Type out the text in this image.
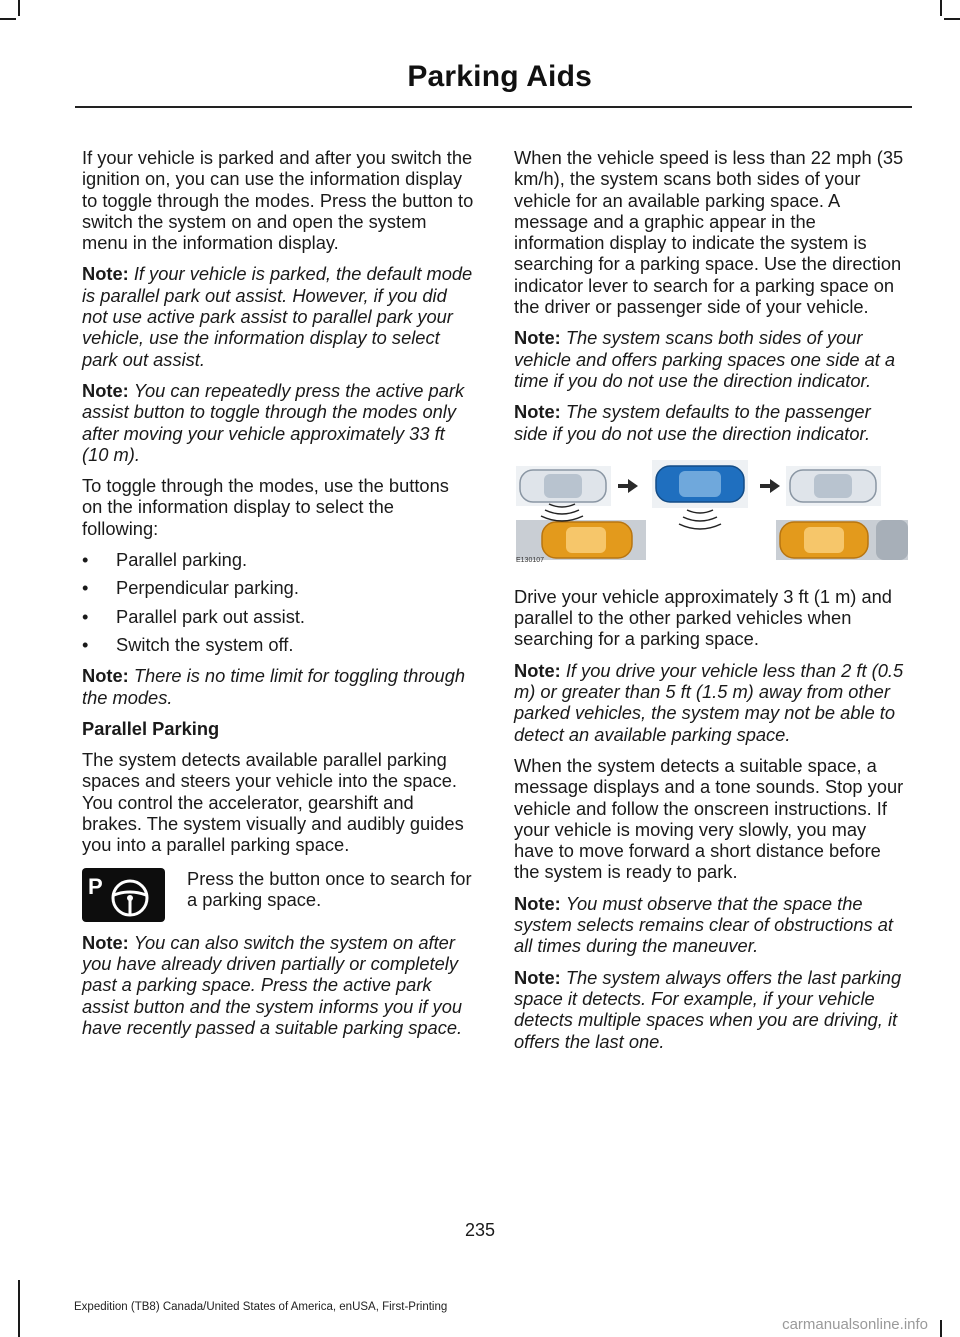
Parking Aids

If your vehicle is parked and after you switch the ignition on, you can use the information display to toggle through the modes. Press the button to switch the system on and open the system menu in the information display.

Note: If your vehicle is parked, the default mode is parallel park out assist. However, if you did not use active park assist to parallel park your vehicle, use the information display to select park out assist.

Note: You can repeatedly press the active park assist button to toggle through the modes only after moving your vehicle approximately 33 ft (10 m).

To toggle through the modes, use the buttons on the information display to select the following:

•	Parallel parking.
•	Perpendicular parking.
•	Parallel park out assist.
•	Switch the system off.

Note: There is no time limit for toggling through the modes.

Parallel Parking

The system detects available parallel parking spaces and steers your vehicle into the space. You control the accelerator, gearshift and brakes. The system visually and audibly guides you into a parallel parking space.

P	Press the button once to search for a parking space.

Note: You can also switch the system on after you have already driven partially or completely past a parking space. Press the active park assist button and the system informs you if you have recently passed a suitable parking space.

When the vehicle speed is less than 22 mph (35 km/h), the system scans both sides of your vehicle for an available parking space. A message and a graphic appear in the information display to indicate the system is searching for a parking space. Use the direction indicator lever to search for a parking space on the driver or passenger side of your vehicle.

Note: The system scans both sides of your vehicle and offers parking spaces one side at a time if you do not use the direction indicator.

Note: The system defaults to the passenger side if you do not use the direction indicator.

E130107

Drive your vehicle approximately 3 ft (1 m) and parallel to the other parked vehicles when searching for a parking space.

Note: If you drive your vehicle less than 2 ft (0.5 m) or greater than 5 ft (1.5 m) away from other parked vehicles, the system may not be able to detect an available parking space.

When the system detects a suitable space, a message displays and a tone sounds. Stop your vehicle and follow the onscreen instructions. If your vehicle is moving very slowly, you may have to move forward a short distance before the system is ready to park.

Note: You must observe that the space the system selects remains clear of obstructions at all times during the maneuver.

Note: The system always offers the last parking space it detects. For example, if your vehicle detects multiple spaces when you are driving, it offers the last one.

235
Expedition (TB8) Canada/United States of America, enUSA, First-Printing
carmanualsonline.info
